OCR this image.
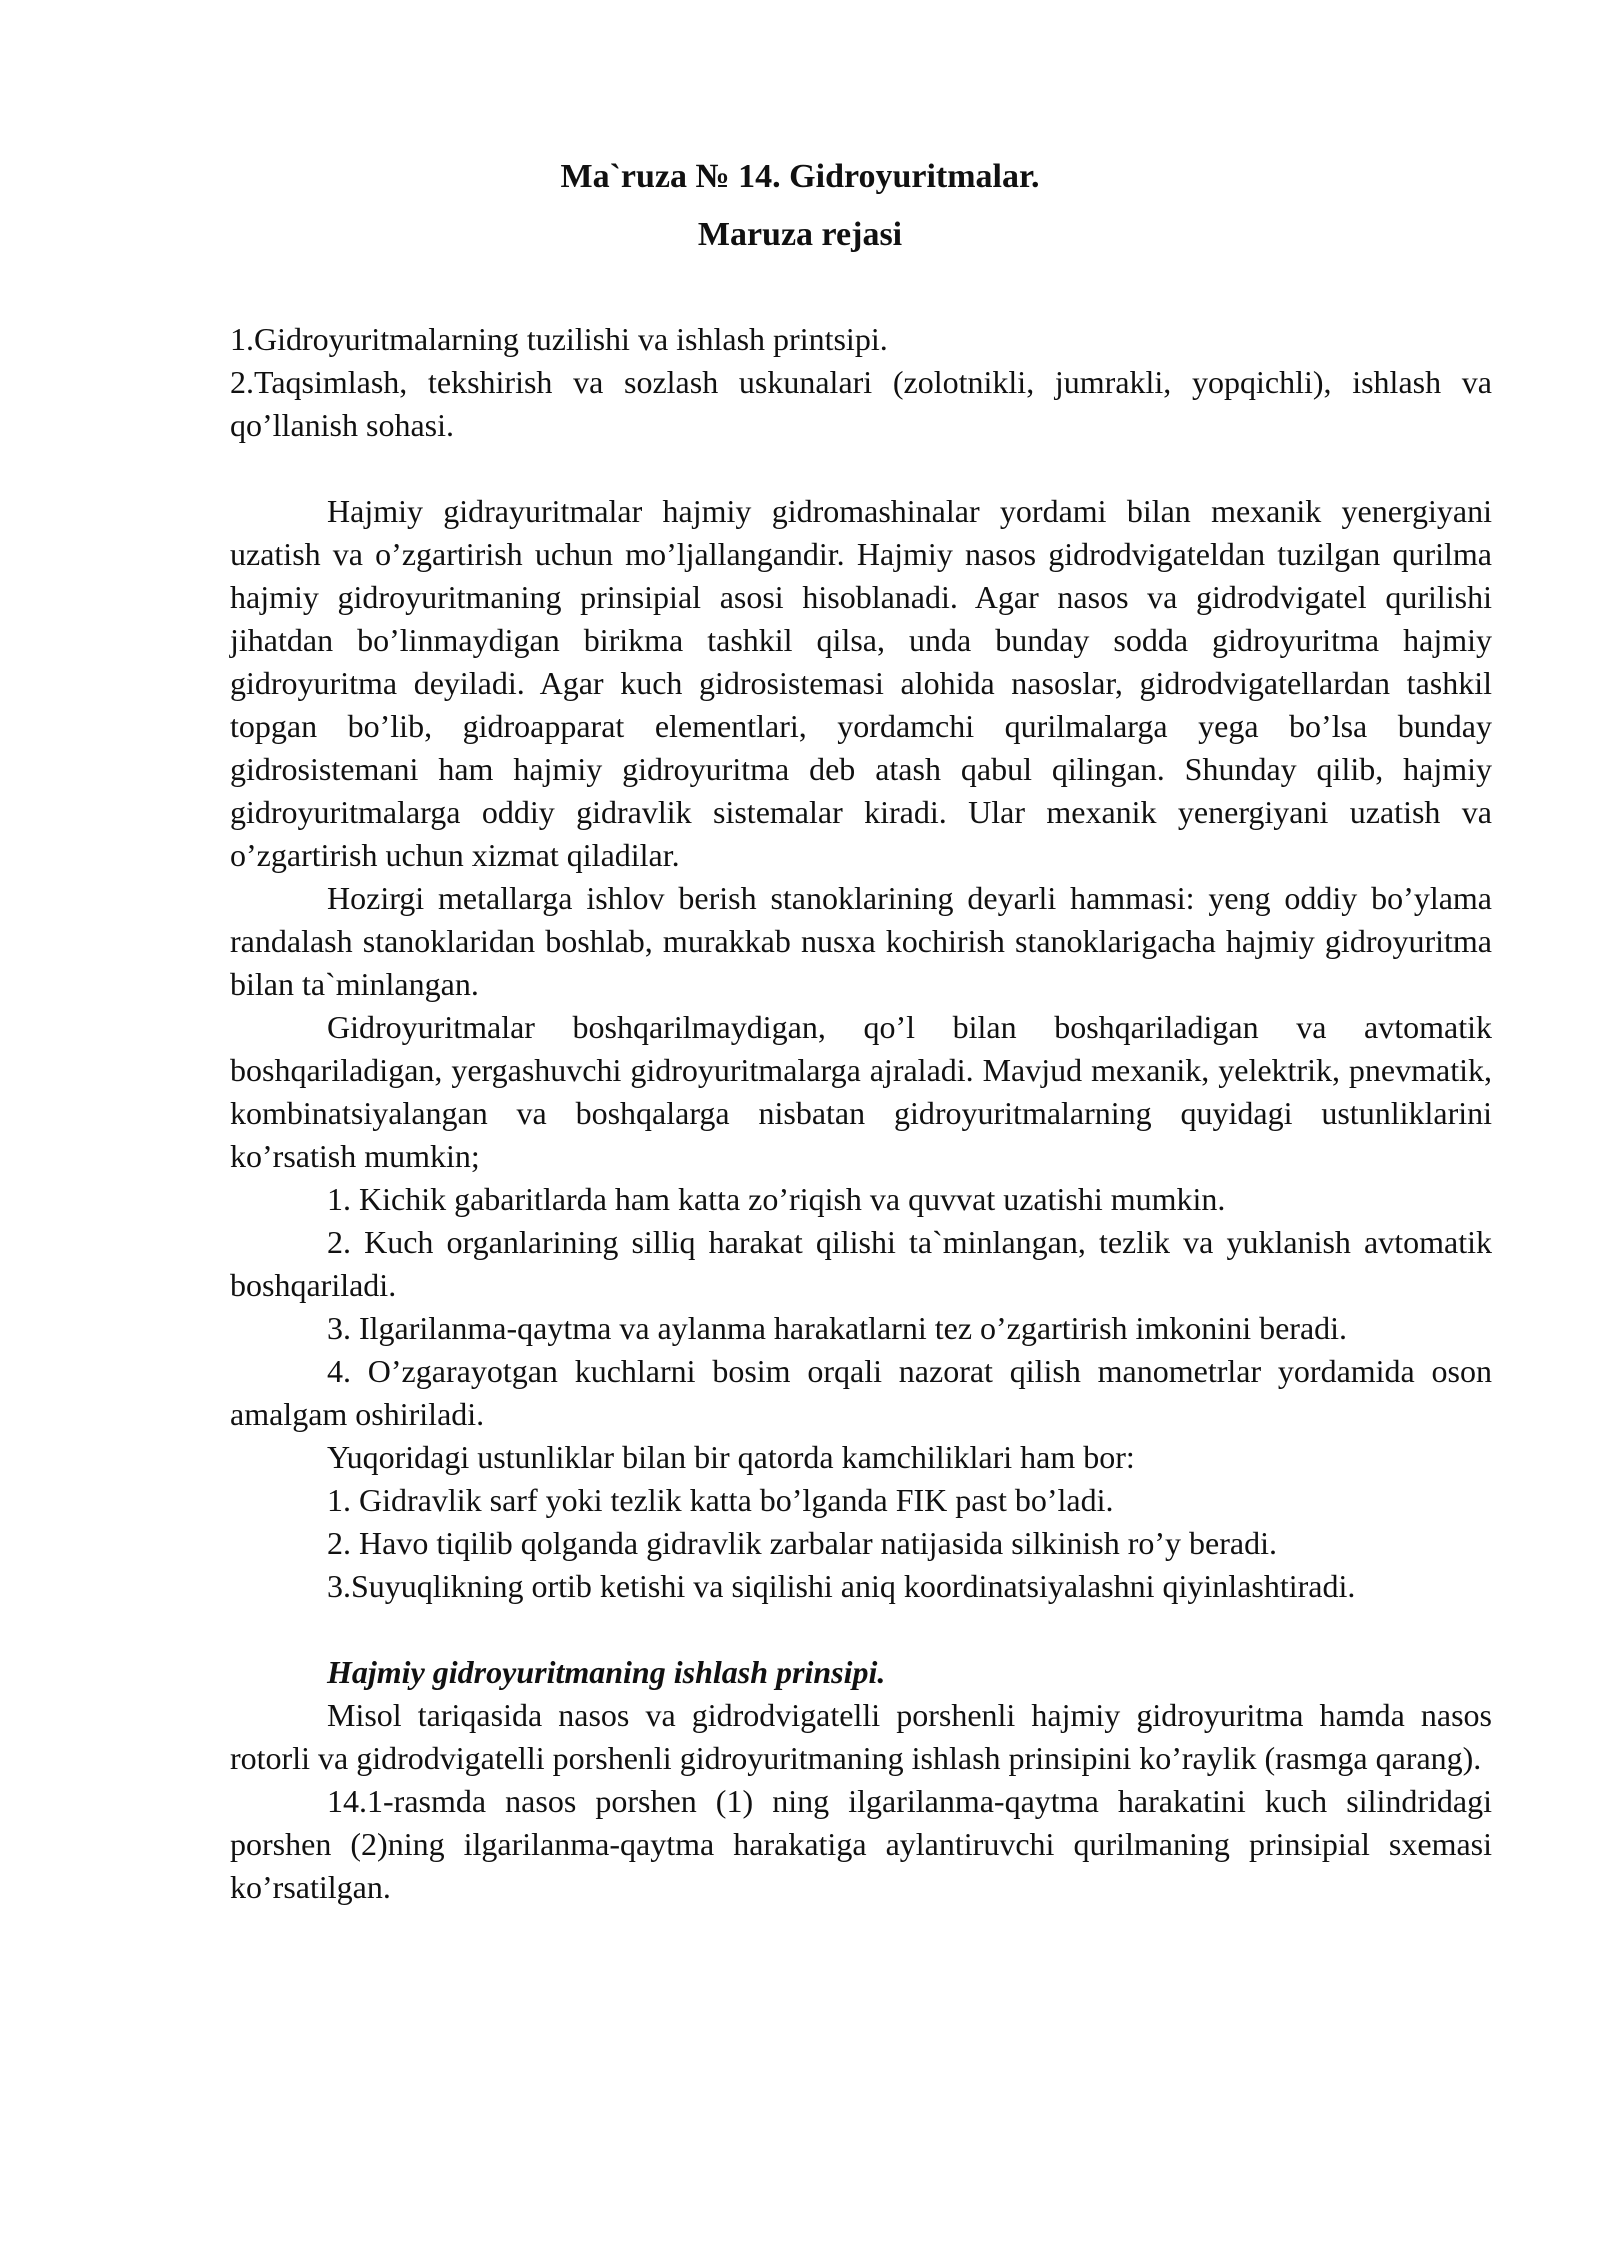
Ma`ruza № 14. Gidroyuritmalar.
Maruza rejasi

1.Gidroyuritmalarning tuzilishi va ishlash printsipi.

2.Taqsimlash, tekshirish va sozlash uskunalari (zolotnikli, jumrakli, yopqichli), ishlash va qo’llanish sohasi.

Hajmiy gidrayuritmalar hajmiy gidromashinalar yordami bilan mexanik yenergiyani uzatish va o’zgartirish uchun mo’ljallangandir. Hajmiy nasos gidrodvigateldan tuzilgan qurilma hajmiy gidroyuritmaning prinsipial asosi hisoblanadi. Agar nasos va gidrodvigatel qurilishi jihatdan bo’linmaydigan birikma tashkil qilsa, unda bunday sodda gidroyuritma hajmiy gidroyuritma deyiladi. Agar kuch gidrosistemasi alohida nasoslar, gidrodvigatellardan tashkil topgan bo’lib, gidroapparat elementlari, yordamchi qurilmalarga yega bo’lsa bunday gidrosistemani ham hajmiy gidroyuritma deb atash qabul qilingan. Shunday qilib, hajmiy gidroyuritmalarga oddiy gidravlik sistemalar kiradi. Ular mexanik yenergiyani uzatish va o’zgartirish uchun xizmat qiladilar.

Hozirgi metallarga ishlov berish stanoklarining deyarli hammasi: yeng oddiy bo’ylama randalash stanoklaridan boshlab, murakkab nusxa kochirish stanoklarigacha hajmiy gidroyuritma bilan ta`minlangan.

Gidroyuritmalar boshqarilmaydigan, qo’l bilan boshqariladigan va avtomatik boshqariladigan, yergashuvchi gidroyuritmalarga ajraladi. Mavjud mexanik, yelektrik, pnevmatik, kombinatsiyalangan va boshqalarga nisbatan gidroyuritmalarning quyidagi ustunliklarini ko’rsatish mumkin;

1. Kichik gabaritlarda ham katta zo’riqish va quvvat uzatishi mumkin.

2. Kuch organlarining silliq harakat qilishi ta`minlangan, tezlik va yuklanish avtomatik boshqariladi.

3. Ilgarilanma-qaytma va aylanma harakatlarni tez o’zgartirish imkonini beradi.

4. O’zgarayotgan kuchlarni bosim orqali nazorat qilish manometrlar yordamida oson amalgam oshiriladi.

Yuqoridagi ustunliklar bilan bir qatorda kamchiliklari ham bor:

1. Gidravlik sarf yoki tezlik katta bo’lganda FIK past bo’ladi.

2. Havo tiqilib qolganda gidravlik zarbalar natijasida silkinish ro’y beradi.

3.Suyuqlikning ortib ketishi va siqilishi aniq koordinatsiyalashni qiyinlashtiradi.

Hajmiy gidroyuritmaning ishlash prinsipi.

Misol tariqasida nasos va gidrodvigatelli porshenli hajmiy gidroyuritma hamda nasos rotorli va gidrodvigatelli porshenli gidroyuritmaning ishlash prinsipini ko’raylik (rasmga qarang).

14.1-rasmda nasos porshen (1) ning ilgarilanma-qaytma harakatini kuch silindridagi porshen (2)ning ilgarilanma-qaytma harakatiga aylantiruvchi qurilmaning prinsipial sxemasi ko’rsatilgan.
